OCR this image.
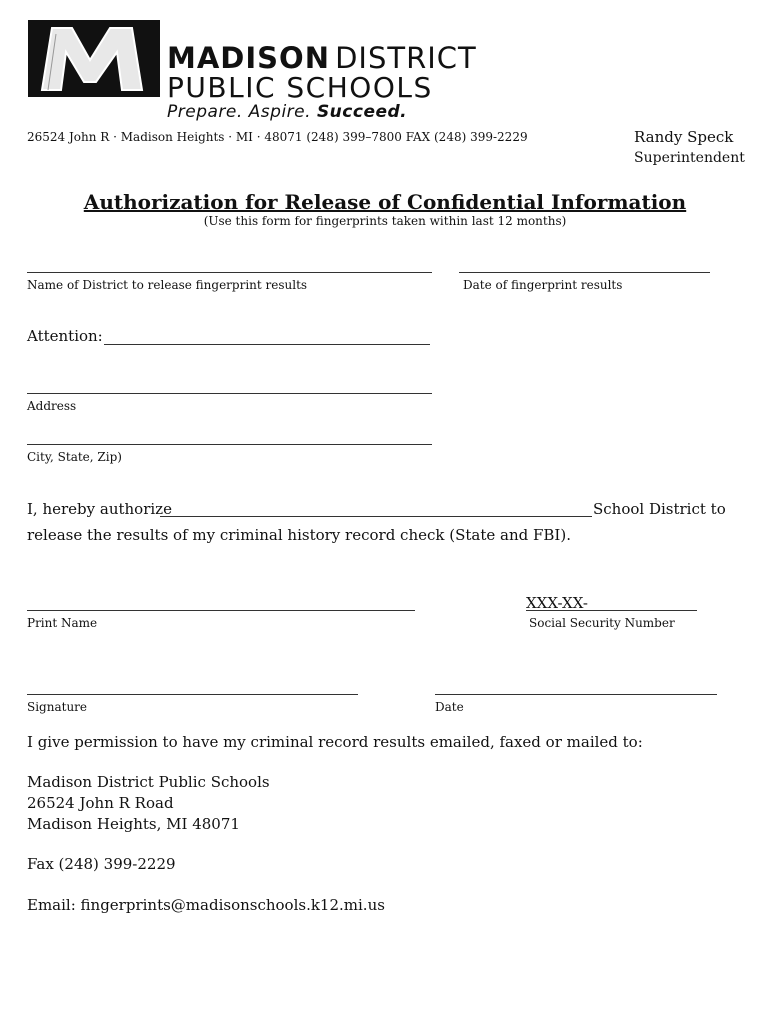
MADISON DISTRICT
PUBLIC SCHOOLS
Prepare. Aspire. Succeed.
26524 John R · Madison Heights · MI · 48071 (248) 399–7800 FAX (248) 399-2229	Randy Speck
Superintendent
Authorization for Release of Confidential Information
(Use this form for fingerprints taken within last 12 months)
Name of District to release fingerprint results	Date of fingerprint results
Attention:
Address
City, State, Zip)
I, hereby authorize	School District to
release the results of my criminal history record check (State and FBI).
Print Name
XXX-XX-
Social Security Number
Signature	Date
I give permission to have my criminal record results emailed, faxed or mailed to:
Madison District Public Schools
26524 John R Road
Madison Heights, MI 48071
Fax (248) 399-2229
Email: fingerprints@madisonschools.k12.mi.us
